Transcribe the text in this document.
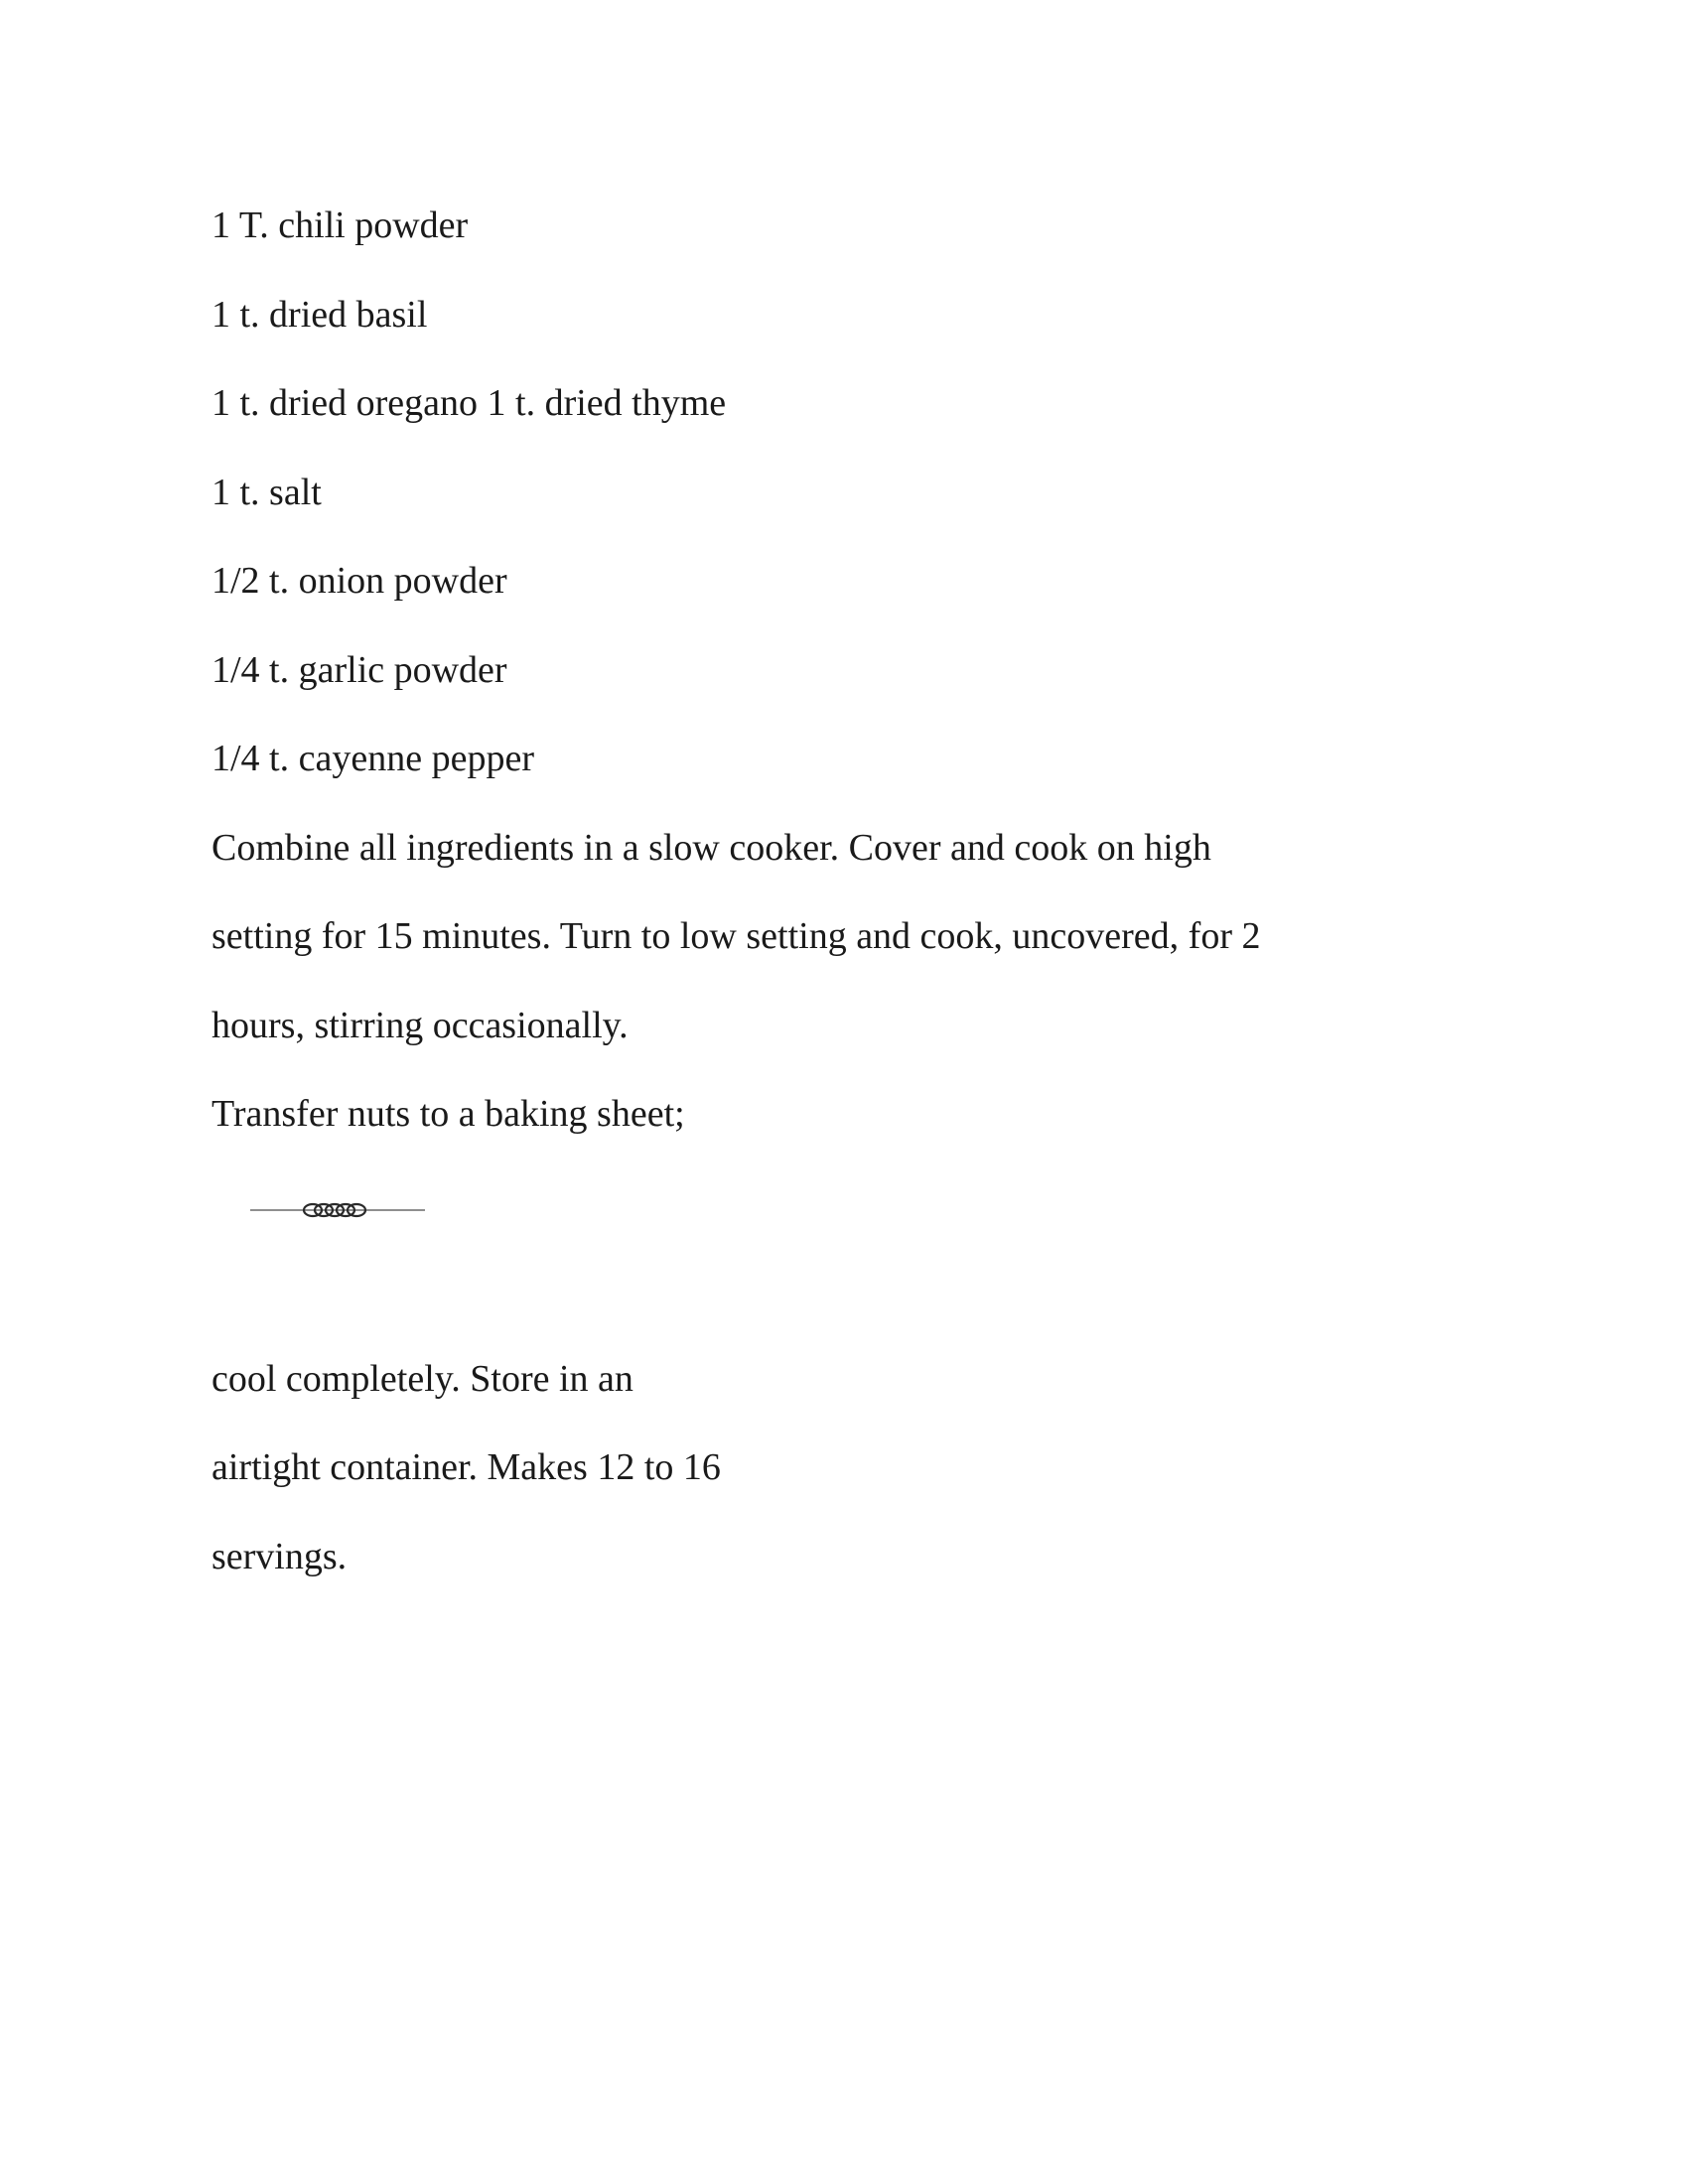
1 T. chili powder
1 t. dried basil
1 t. dried oregano 1 t. dried thyme
1 t. salt
1/2 t. onion powder
1/4 t. garlic powder
1/4 t. cayenne pepper
Combine all ingredients in a slow cooker. Cover and cook on high
setting for 15 minutes. Turn to low setting and cook, uncovered, for 2
hours, stirring occasionally.
Transfer nuts to a baking sheet;
cool completely. Store in an
airtight container. Makes 12 to 16
servings.
